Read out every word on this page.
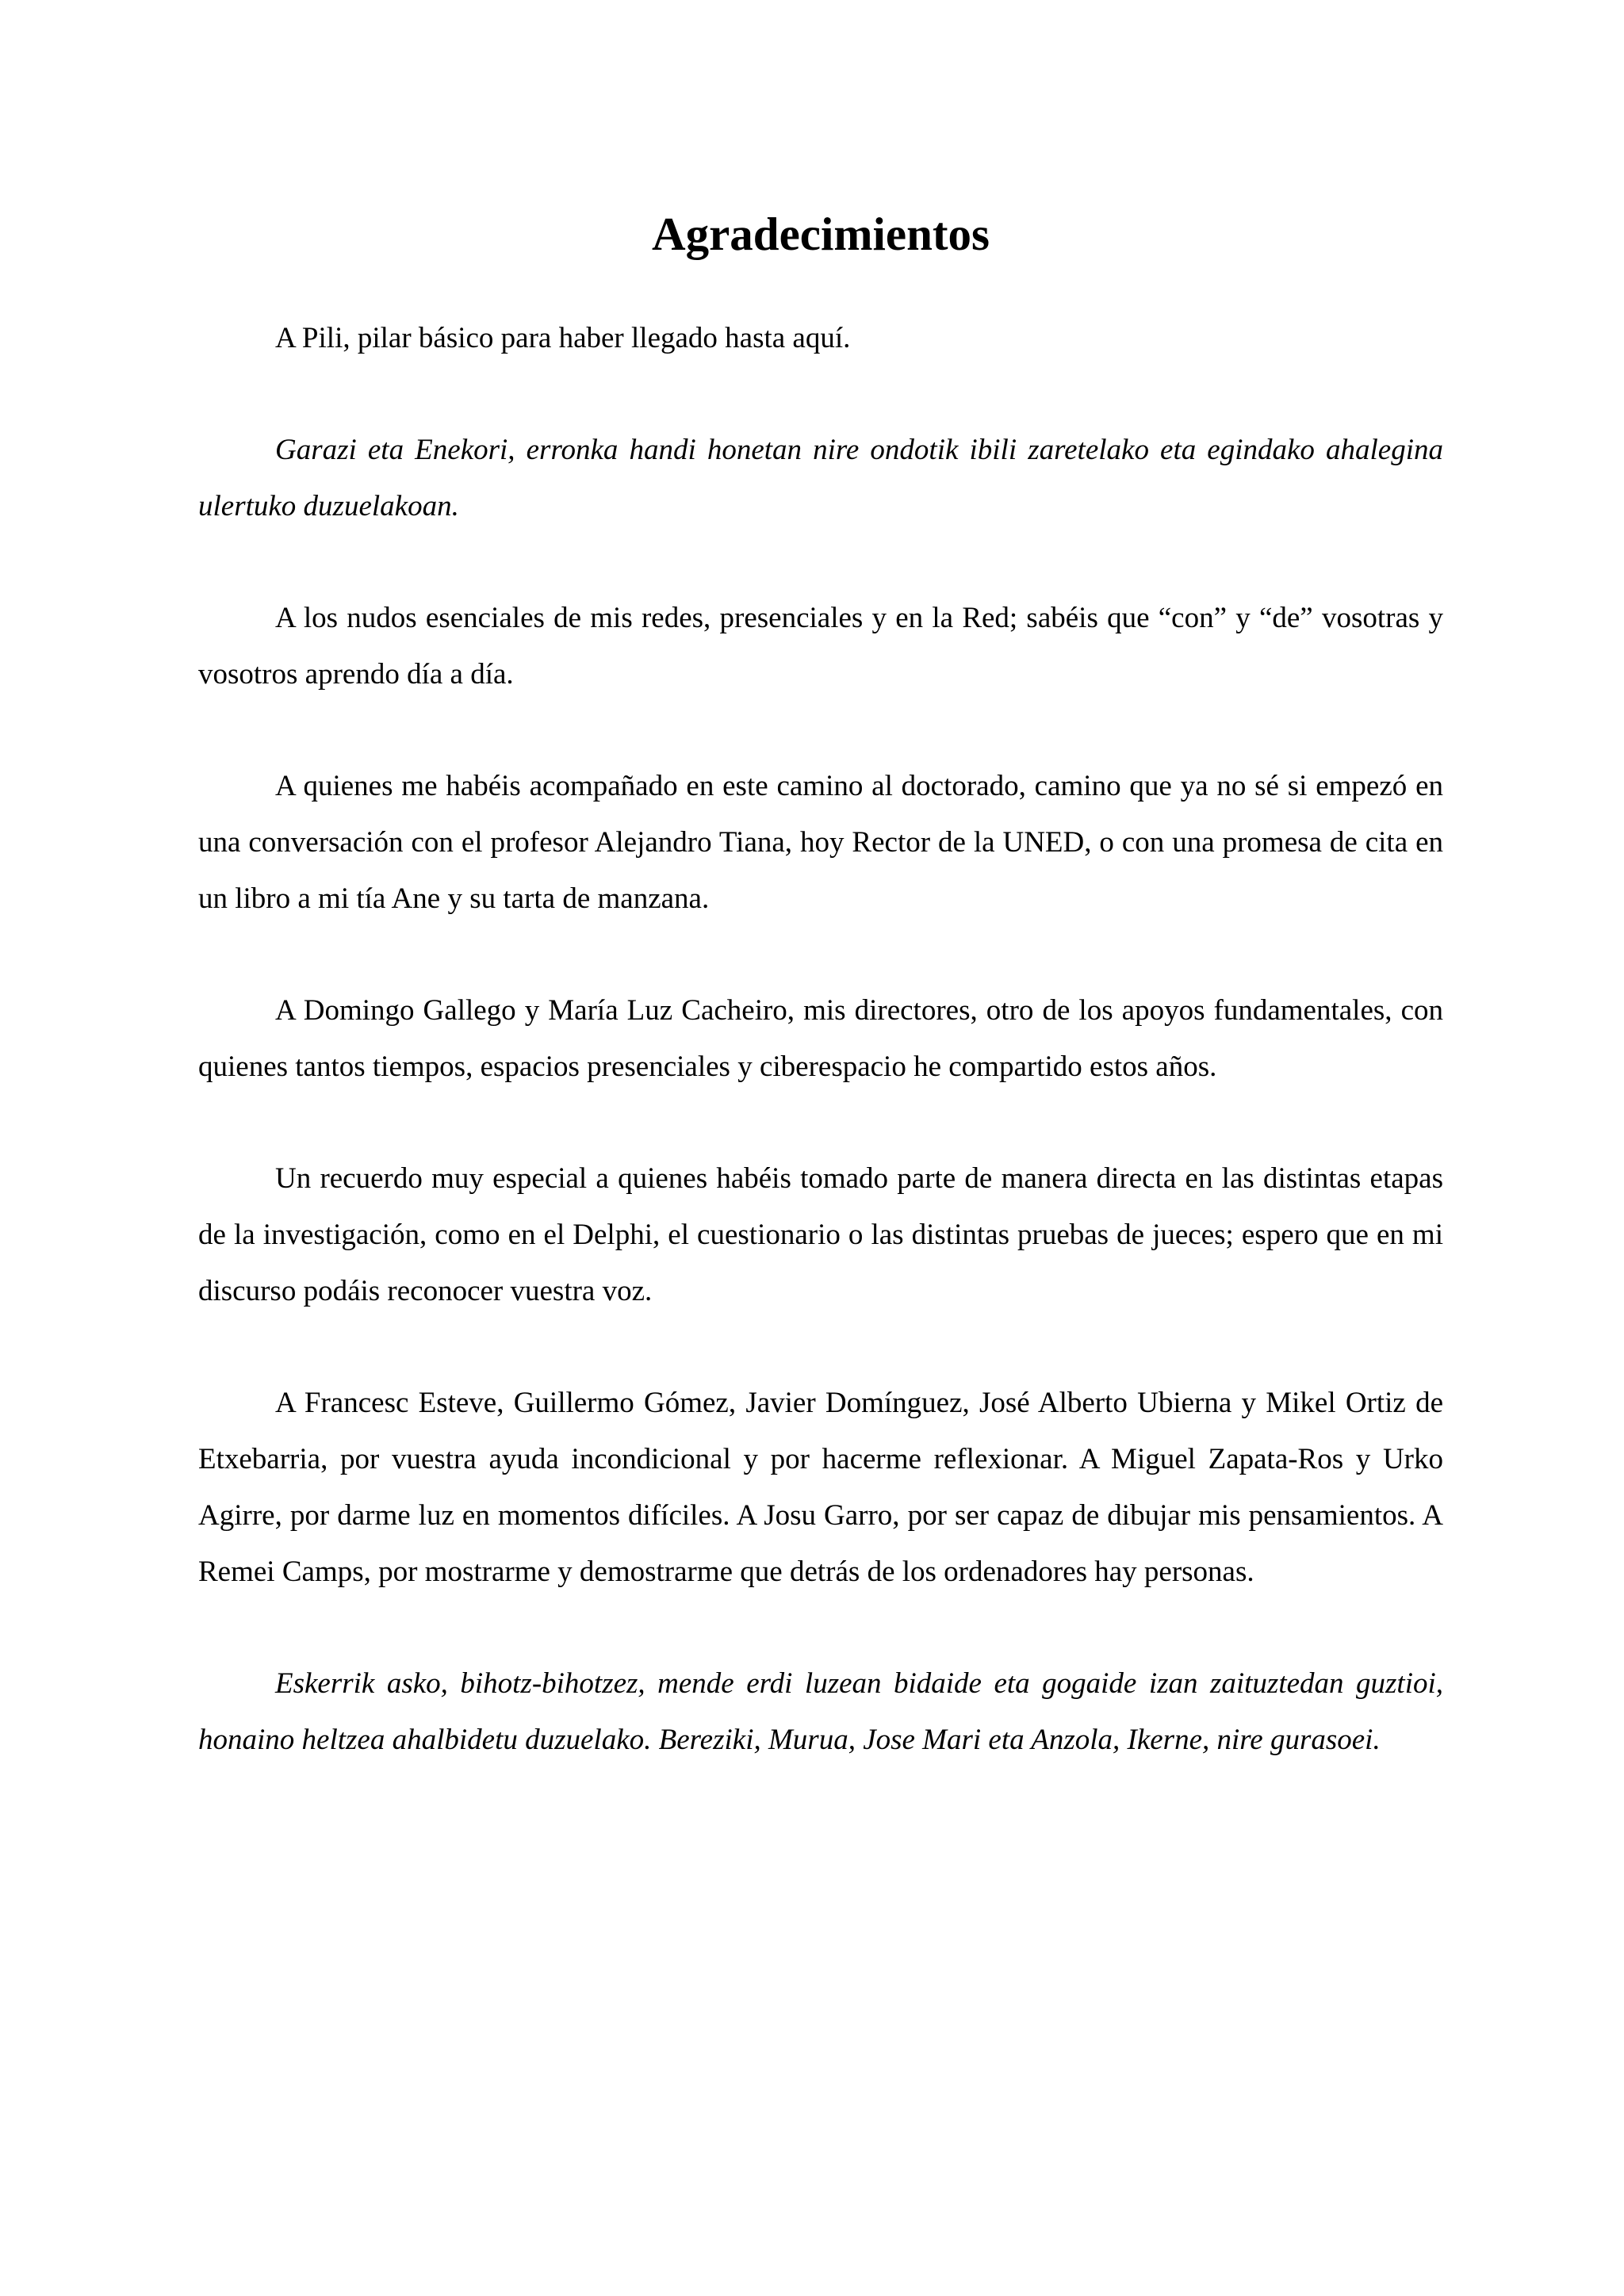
Agradecimientos

A Pili, pilar básico para haber llegado hasta aquí.

Garazi eta Enekori, erronka handi honetan nire ondotik ibili zaretelako eta egindako ahalegina ulertuko duzuelakoan.

A los nudos esenciales de mis redes, presenciales y en la Red; sabéis que “con” y “de” vosotras y vosotros aprendo día a día.

A quienes me habéis acompañado en este camino al doctorado, camino que ya no sé si empezó en una conversación con el profesor Alejandro Tiana, hoy Rector de la UNED, o con una promesa de cita en un libro a mi tía Ane y su tarta de manzana.

A Domingo Gallego y María Luz Cacheiro, mis directores, otro de los apoyos fundamentales, con quienes tantos tiempos, espacios presenciales y ciberespacio he compartido estos años.

Un recuerdo muy especial a quienes habéis tomado parte de manera directa en las distintas etapas de la investigación, como en el Delphi, el cuestionario o las distintas pruebas de jueces; espero que en mi discurso podáis reconocer vuestra voz.

A Francesc Esteve, Guillermo Gómez, Javier Domínguez, José Alberto Ubierna y Mikel Ortiz de Etxebarria, por vuestra ayuda incondicional y por hacerme reflexionar. A Miguel Zapata-Ros y Urko Agirre, por darme luz en momentos difíciles. A Josu Garro, por ser capaz de dibujar mis pensamientos. A Remei Camps, por mostrarme y demostrarme que detrás de los ordenadores hay personas.

Eskerrik asko, bihotz-bihotzez, mende erdi luzean bidaide eta gogaide izan zaituztedan guztioi, honaino heltzea ahalbidetu duzuelako. Bereziki, Murua, Jose Mari eta Anzola, Ikerne, nire gurasoei.
